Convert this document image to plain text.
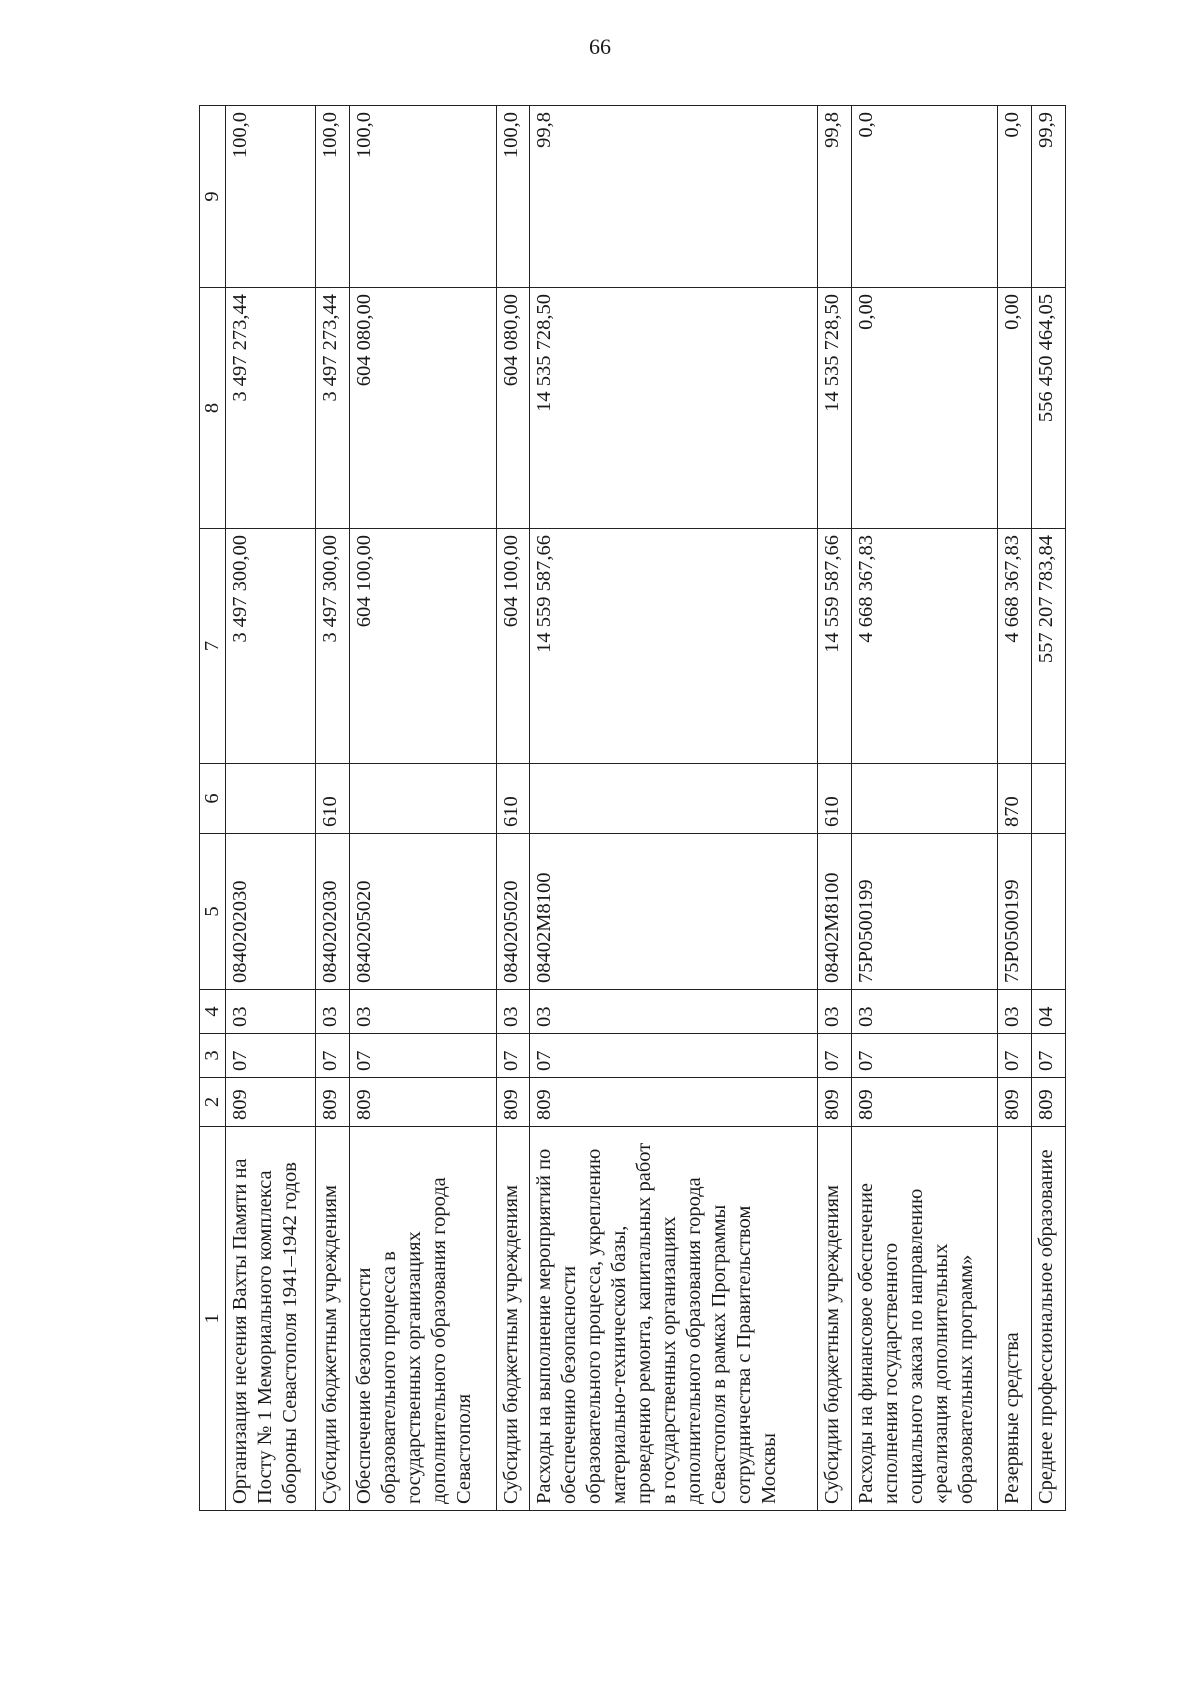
66
1	2	3	4	5	6	7	8	9
Организация несения Вахты Памяти на Посту № 1 Мемориального комплекса обороны Севастополя 1941–1942 годов	809	07	03	0840202030		3 497 300,00	3 497 273,44	100,0
Субсидии бюджетным учреждениям	809	07	03	0840202030	610	3 497 300,00	3 497 273,44	100,0
Обеспечение безопасности образовательного процесса в государственных организациях дополнительного образования города Севастополя	809	07	03	0840205020		604 100,00	604 080,00	100,0
Субсидии бюджетным учреждениям	809	07	03	0840205020	610	604 100,00	604 080,00	100,0
Расходы на выполнение мероприятий по обеспечению безопасности образовательного процесса, укреплению материально-технической базы, проведению ремонта, капитальных работ в государственных организациях дополнительного образования города Севастополя в рамках Программы сотрудничества с Правительством Москвы	809	07	03	08402M8100		14 559 587,66	14 535 728,50	99,8
Субсидии бюджетным учреждениям	809	07	03	08402M8100	610	14 559 587,66	14 535 728,50	99,8
Расходы на финансовое обеспечение исполнения государственного социального заказа по направлению «реализация дополнительных образовательных программ»	809	07	03	75P0500199		4 668 367,83	0,00	0,0
Резервные средства	809	07	03	75P0500199	870	4 668 367,83	0,00	0,0
Среднее профессиональное образование	809	07	04			557 207 783,84	556 450 464,05	99,9
